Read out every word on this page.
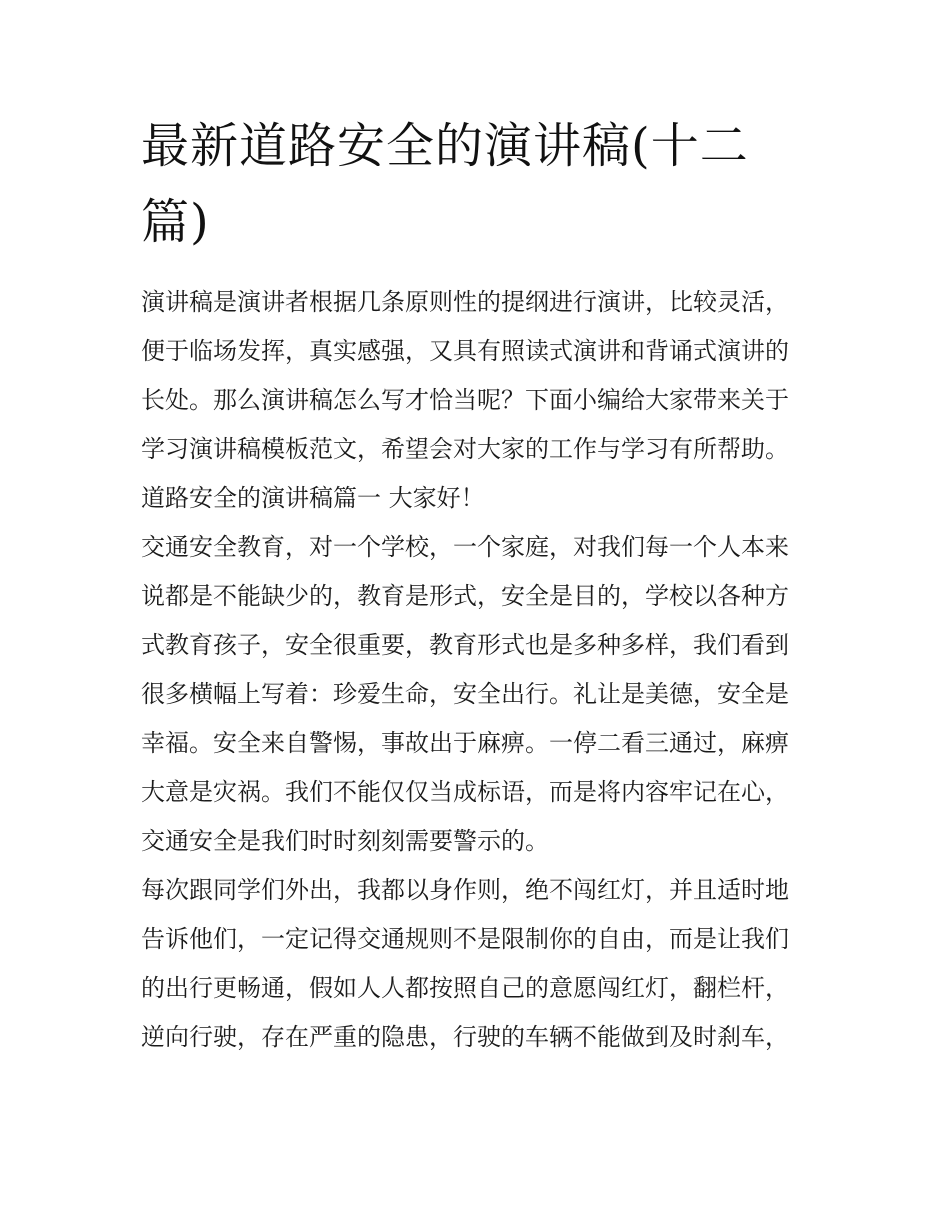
最新道路安全的演讲稿(十二
篇)
演讲稿是演讲者根据几条原则性的提纲进行演讲，比较灵活，
便于临场发挥，真实感强，又具有照读式演讲和背诵式演讲的
长处。那么演讲稿怎么写才恰当呢？下面小编给大家带来关于
学习演讲稿模板范文，希望会对大家的工作与学习有所帮助。
道路安全的演讲稿篇一 大家好！
交通安全教育，对一个学校，一个家庭，对我们每一个人本来
说都是不能缺少的，教育是形式，安全是目的，学校以各种方
式教育孩子，安全很重要，教育形式也是多种多样，我们看到
很多横幅上写着：珍爱生命，安全出行。礼让是美德，安全是
幸福。安全来自警惕，事故出于麻痹。一停二看三通过，麻痹
大意是灾祸。我们不能仅仅当成标语，而是将内容牢记在心，
交通安全是我们时时刻刻需要警示的。
每次跟同学们外出，我都以身作则，绝不闯红灯，并且适时地
告诉他们，一定记得交通规则不是限制你的自由，而是让我们
的出行更畅通，假如人人都按照自己的意愿闯红灯，翻栏杆，
逆向行驶，存在严重的隐患，行驶的车辆不能做到及时刹车，
